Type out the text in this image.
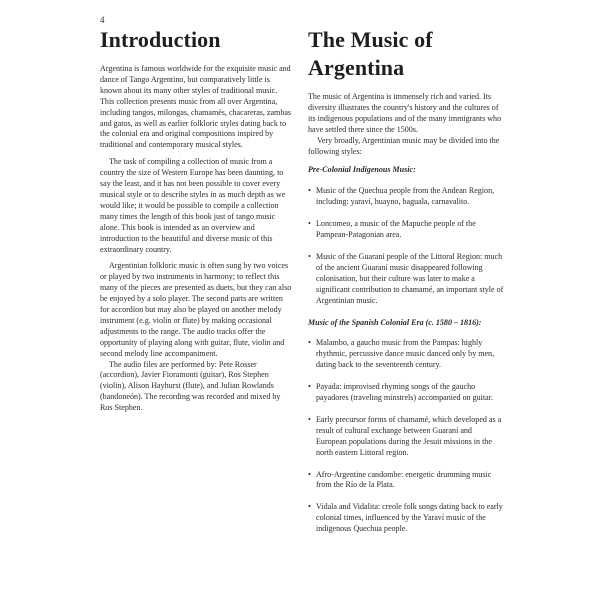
4
Introduction

Argentina is famous worldwide for the exquisite music and dance of Tango Argentino, but comparatively little is known about its many other styles of traditional music. This collection presents music from all over Argentina, including tangos, milongas, chamamés, chacareras, zambas and gatos, as well as earlier folkloric styles dating back to the colonial era and original compositions inspired by traditional and contemporary musical styles.

The task of compiling a collection of music from a country the size of Western Europe has been daunting, to say the least, and it has not been possible to cover every musical style or to describe styles in as much depth as we would like; it would be possible to compile a collection many times the length of this book just of tango music alone. This book is intended as an overview and introduction to the beautiful and diverse music of this extraordinary country.

Argentinian folkloric music is often sung by two voices or played by two instruments in harmony; to reflect this many of the pieces are presented as duets, but they can also be enjoyed by a solo player. The second parts are written for accordion but may also be played on another melody instrument (e.g. violin or flute) by making occasional adjustments to the range. The audio tracks offer the opportunity of playing along with guitar, flute, violin and second melody line accompaniment.

The audio files are performed by: Pete Rosser (accordion), Javier Fioramonti (guitar), Ros Stephen (violin), Alison Hayhurst (flute), and Julian Rowlands (bandoneón). The recording was recorded and mixed by Ros Stephen.

The Music of Argentina

The music of Argentina is immensely rich and varied. Its diversity illustrates the country's history and the cultures of its indigenous populations and of the many immigrants who have settled there since the 1500s.

Very broadly, Argentinian music may be divided into the following styles:

Pre-Colonial Indigenous Music:
• Music of the Quechua people from the Andean Region, including: yaraví, huayno, baguala, carnavalito.
• Loncomeo, a music of the Mapuche people of the Pampean-Patagonian area.
• Music of the Guaraní people of the Littoral Region: much of the ancient Guaraní music disappeared following colonisation, but their culture was later to make a significant contribution to chamamé, an important style of Argentinian music.
Music of the Spanish Colonial Era (c. 1580 – 1816):
• Malambo, a gaucho music from the Pampas: highly rhythmic, percussive dance music danced only by men, dating back to the seventeenth century.
• Payada: improvised rhyming songs of the gaucho payadores (traveling minstrels) accompanied on guitar.
• Early precursor forms of chamamé, which developed as a result of cultural exchange between Guaraní and European populations during the Jesuit missions in the north eastern Littoral region.
• Afro-Argentine candombe: energetic drumming music from the Río de la Plata.
• Vidala and Vidalita: creole folk songs dating back to early colonial times, influenced by the Yaraví music of the indigenous Quechua people.
